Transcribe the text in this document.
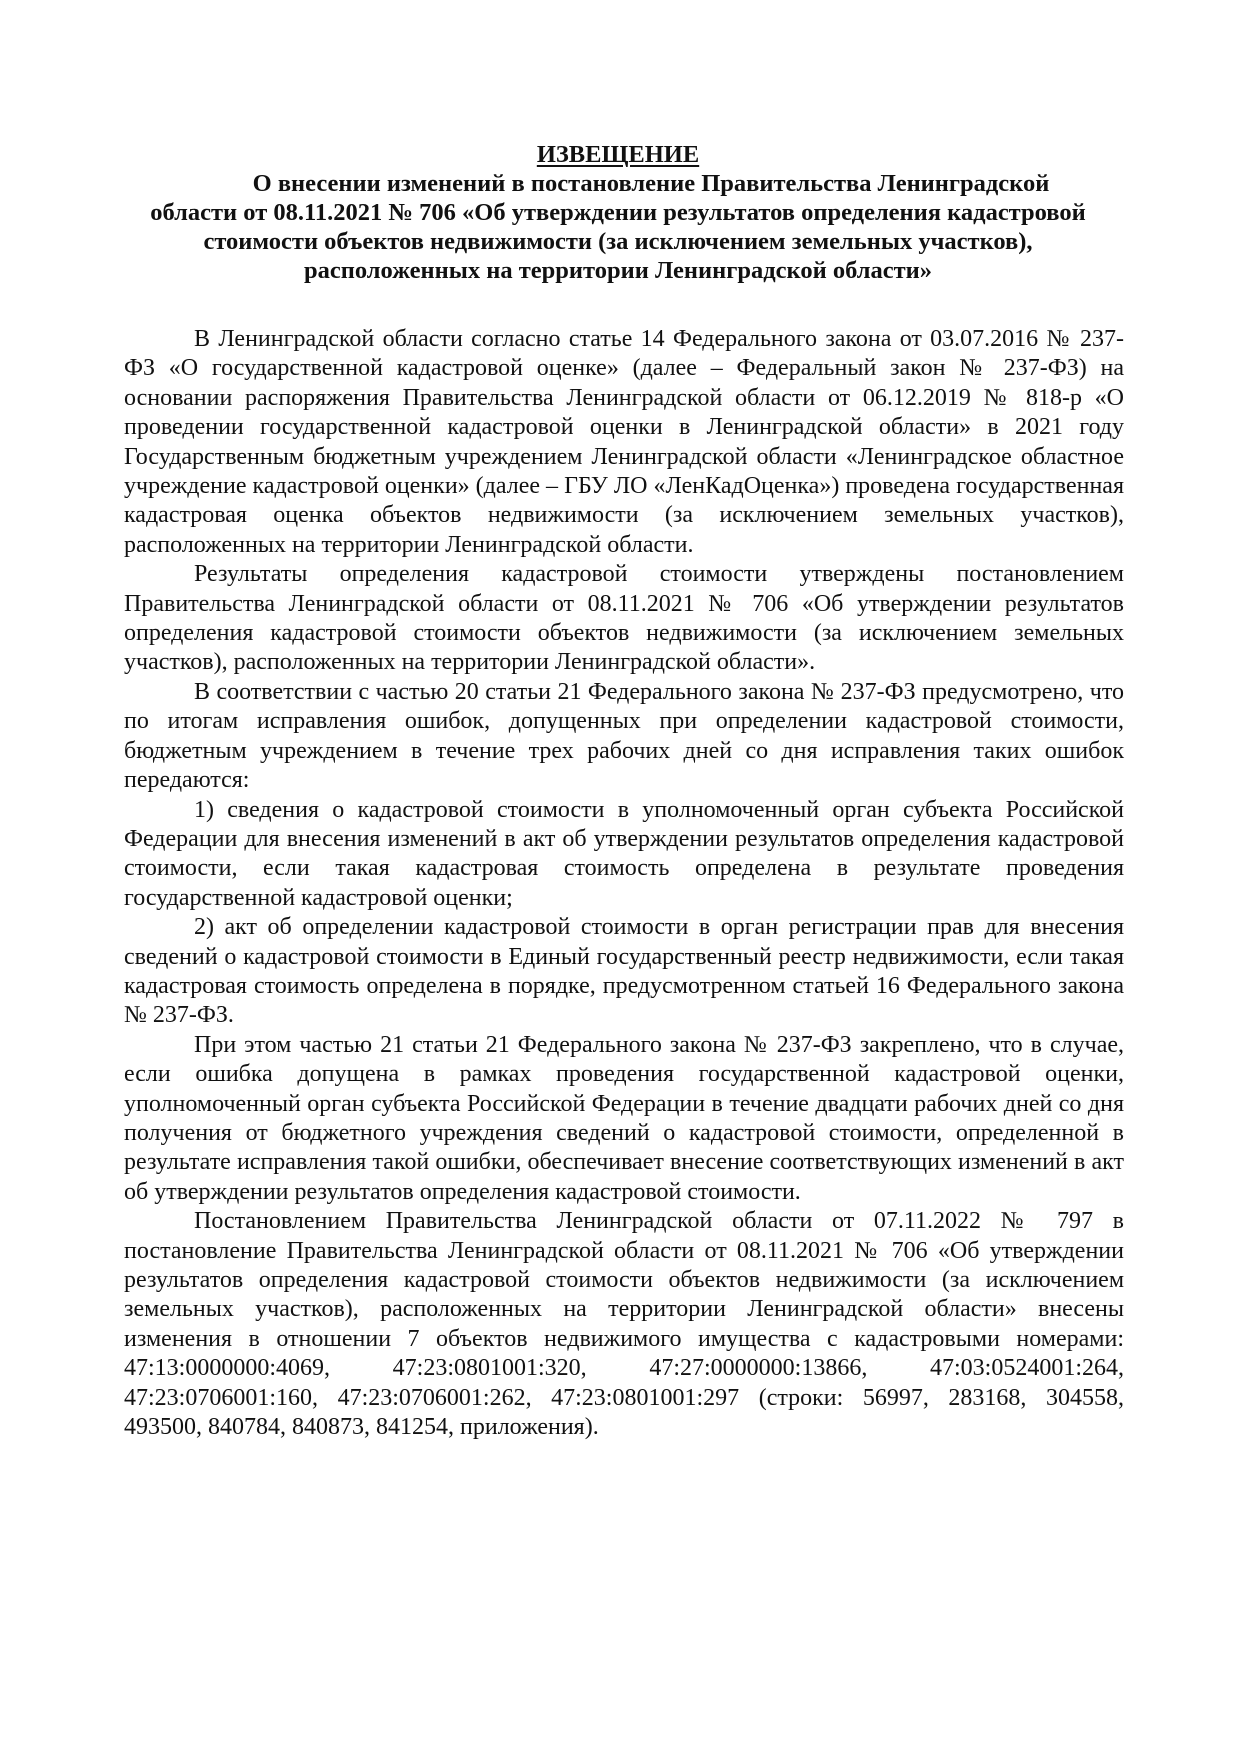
ИЗВЕЩЕНИЕ
О внесении изменений в постановление Правительства Ленинградской
области от 08.11.2021 № 706 «Об утверждении результатов определения кадастровой
стоимости объектов недвижимости (за исключением земельных участков),
расположенных на территории Ленинградской области»

В Ленинградской области согласно статье 14 Федерального закона от 03.07.2016 № 237-ФЗ «О государственной кадастровой оценке» (далее – Федеральный закон № 237-ФЗ) на основании распоряжения Правительства Ленинградской области от 06.12.2019 № 818-р «О проведении государственной кадастровой оценки в Ленинградской области» в 2021 году Государственным бюджетным учреждением Ленинградской области «Ленинградское областное учреждение кадастровой оценки» (далее – ГБУ ЛО «ЛенКадОценка») проведена государственная кадастровая оценка объектов недвижимости (за исключением земельных участков), расположенных на территории Ленинградской области.

Результаты определения кадастровой стоимости утверждены постановлением Правительства Ленинградской области от 08.11.2021 № 706 «Об утверждении результатов определения кадастровой стоимости объектов недвижимости (за исключением земельных участков), расположенных на территории Ленинградской области».

В соответствии с частью 20 статьи 21 Федерального закона № 237-ФЗ предусмотрено, что по итогам исправления ошибок, допущенных при определении кадастровой стоимости, бюджетным учреждением в течение трех рабочих дней со дня исправления таких ошибок передаются:

1) сведения о кадастровой стоимости в уполномоченный орган субъекта Российской Федерации для внесения изменений в акт об утверждении результатов определения кадастровой стоимости, если такая кадастровая стоимость определена в результате проведения государственной кадастровой оценки;

2) акт об определении кадастровой стоимости в орган регистрации прав для внесения сведений о кадастровой стоимости в Единый государственный реестр недвижимости, если такая кадастровая стоимость определена в порядке, предусмотренном статьей 16 Федерального закона № 237-ФЗ.

При этом частью 21 статьи 21 Федерального закона № 237-ФЗ закреплено, что в случае, если ошибка допущена в рамках проведения государственной кадастровой оценки, уполномоченный орган субъекта Российской Федерации в течение двадцати рабочих дней со дня получения от бюджетного учреждения сведений о кадастровой стоимости, определенной в результате исправления такой ошибки, обеспечивает внесение соответствующих изменений в акт об утверждении результатов определения кадастровой стоимости.

Постановлением Правительства Ленинградской области от 07.11.2022 № 797 в постановление Правительства Ленинградской области от 08.11.2021 № 706 «Об утверждении результатов определения кадастровой стоимости объектов недвижимости (за исключением земельных участков), расположенных на территории Ленинградской области» внесены изменения в отношении 7 объектов недвижимого имущества с кадастровыми номерами: 47:13:0000000:4069, 47:23:0801001:320, 47:27:0000000:13866, 47:03:0524001:264, 47:23:0706001:160, 47:23:0706001:262, 47:23:0801001:297 (строки: 56997, 283168, 304558, 493500, 840784, 840873, 841254, приложения).
